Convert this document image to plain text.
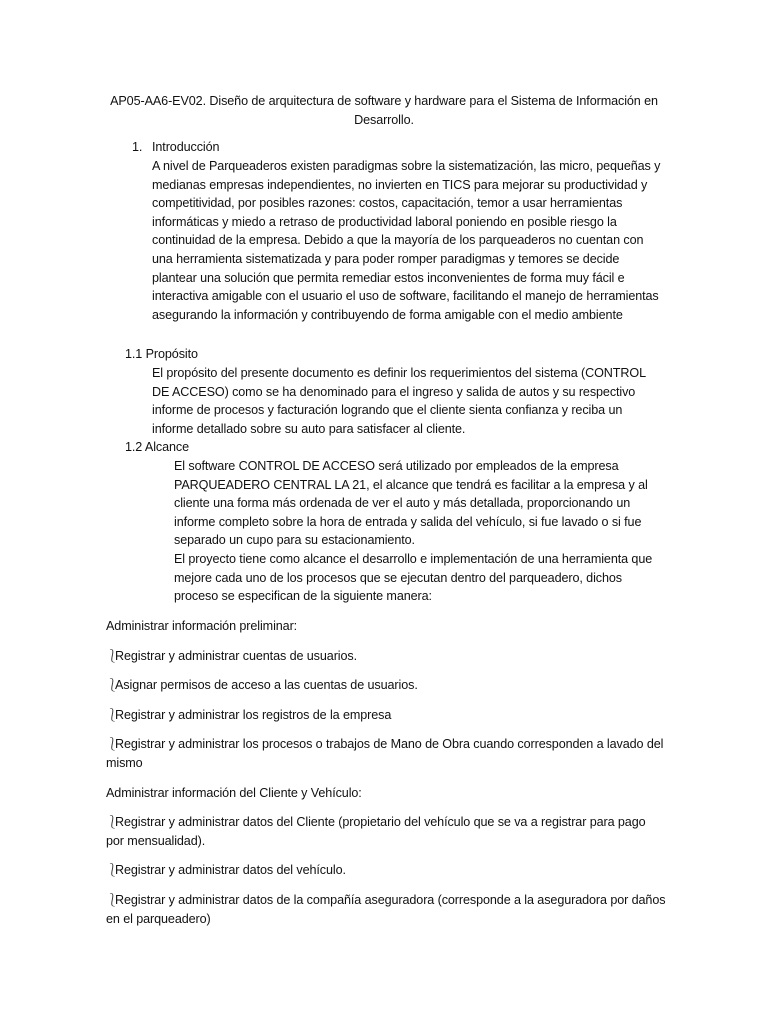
AP05-AA6-EV02. Diseño de arquitectura de software y hardware para el Sistema de Información en Desarrollo.
1. Introducción
A nivel de Parqueaderos existen paradigmas sobre la sistematización, las micro, pequeñas y medianas empresas independientes, no invierten en TICS para mejorar su productividad y competitividad, por posibles razones: costos, capacitación, temor a usar herramientas informáticas y miedo a retraso de productividad laboral poniendo en posible riesgo la continuidad de la empresa. Debido a que la mayoría de los parqueaderos no cuentan con una herramienta sistematizada y para poder romper paradigmas y temores se decide plantear una solución que permita remediar estos inconvenientes de forma muy fácil e interactiva amigable con el usuario el uso de software, facilitando el manejo de herramientas asegurando la información y contribuyendo de forma amigable con el medio ambiente
1.1 Propósito
El propósito del presente documento es definir los requerimientos del sistema (CONTROL DE ACCESO) como se ha denominado para el ingreso y salida de autos y su respectivo informe de procesos y facturación logrando que el cliente sienta confianza y reciba un informe detallado sobre su auto para satisfacer al cliente.
1.2 Alcance

El software CONTROL DE ACCESO será utilizado por empleados de la empresa PARQUEADERO CENTRAL LA 21, el alcance que tendrá es facilitar a la empresa y al cliente una forma más ordenada de ver el auto y más detallada, proporcionando un informe completo sobre la hora de entrada y salida del vehículo, si fue lavado o si fue separado un cupo para su estacionamiento.

El proyecto tiene como alcance el desarrollo e implementación de una herramienta que mejore cada uno de los procesos que se ejecutan dentro del parqueadero, dichos proceso se especifican de la siguiente manera:

Administrar información preliminar:
⎱Registrar y administrar cuentas de usuarios.
⎱Asignar permisos de acceso a las cuentas de usuarios.
⎱Registrar y administrar los registros de la empresa
⎱Registrar y administrar los procesos o trabajos de Mano de Obra cuando corresponden a lavado del mismo
Administrar información del Cliente y Vehículo:
⎱Registrar y administrar datos del Cliente (propietario del vehículo que se va a registrar para pago por mensualidad).
⎱Registrar y administrar datos del vehículo.
⎱Registrar y administrar datos de la compañía aseguradora (corresponde a la aseguradora por daños en el parqueadero)
